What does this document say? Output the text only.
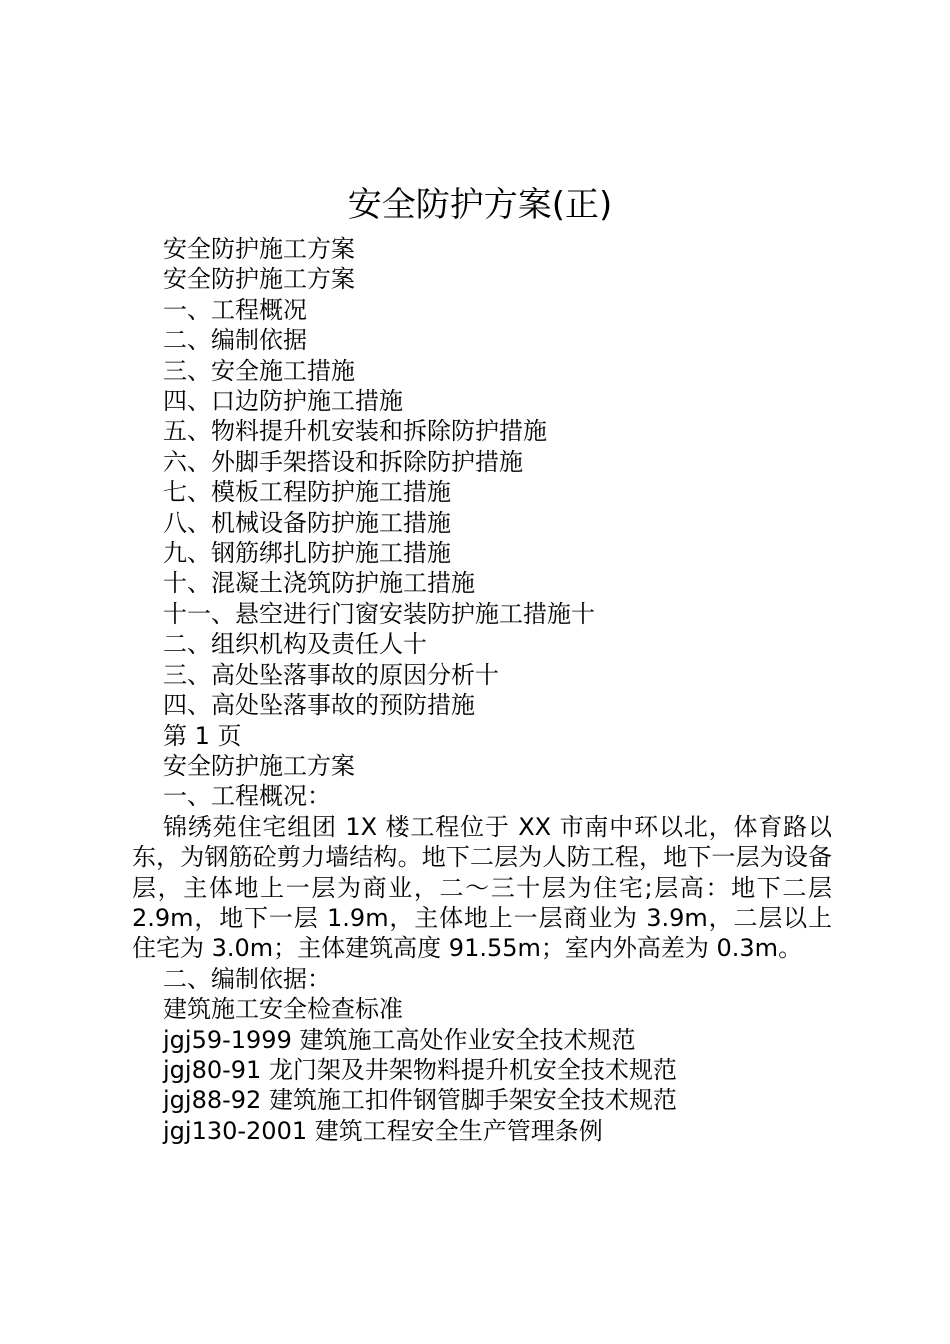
安全防护方案(正)

安全防护施工方案

安全防护施工方案

一、工程概况

二、编制依据

三、安全施工措施

四、口边防护施工措施

五、物料提升机安装和拆除防护措施

六、外脚手架搭设和拆除防护措施

七、模板工程防护施工措施

八、机械设备防护施工措施

九、钢筋绑扎防护施工措施

十、混凝土浇筑防护施工措施

十一、悬空进行门窗安装防护施工措施十

二、组织机构及责任人十

三、高处坠落事故的原因分析十

四、高处坠落事故的预防措施

第 1 页

安全防护施工方案

一、工程概况：

锦绣苑住宅组团 1X 楼工程位于 XX 市南中环以北，体育路以东，为钢筋砼剪力墙结构。地下二层为人防工程，地下一层为设备层，主体地上一层为商业，二～三十层为住宅;层高：地下二层 2.9m，地下一层 1.9m，主体地上一层商业为 3.9m，二层以上住宅为 3.0m；主体建筑高度 91.55m；室内外高差为 0.3m。

二、编制依据：

建筑施工安全检查标准

jgj59-1999 建筑施工高处作业安全技术规范

jgj80-91 龙门架及井架物料提升机安全技术规范

jgj88-92 建筑施工扣件钢管脚手架安全技术规范

jgj130-2001 建筑工程安全生产管理条例
